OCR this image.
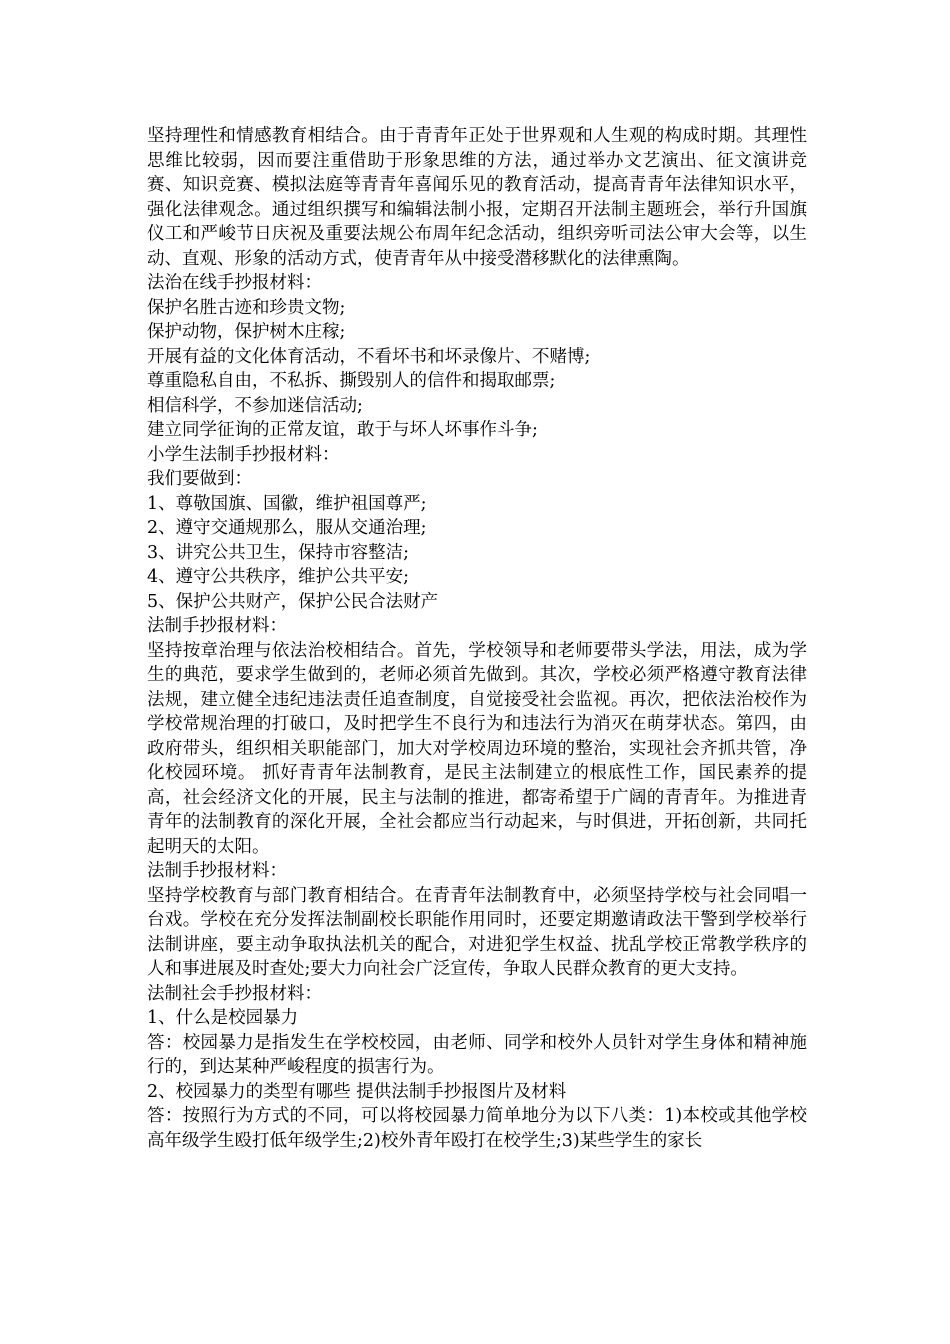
坚持理性和情感教育相结合。由于青青年正处于世界观和人生观的构成时期。其理性思维比较弱，因而要注重借助于形象思维的方法，通过举办文艺演出、征文演讲竞赛、知识竞赛、模拟法庭等青青年喜闻乐见的教育活动，提高青青年法律知识水平，强化法律观念。通过组织撰写和编辑法制小报，定期召开法制主题班会，举行升国旗仪工和严峻节日庆祝及重要法规公布周年纪念活动，组织旁听司法公审大会等，以生动、直观、形象的活动方式，使青青年从中接受潜移默化的法律熏陶。

法治在线手抄报材料：

保护名胜古迹和珍贵文物;

保护动物，保护树木庄稼;

开展有益的文化体育活动，不看坏书和坏录像片、不赌博;

尊重隐私自由，不私拆、撕毁别人的信件和揭取邮票;

相信科学，不参加迷信活动;

建立同学征询的正常友谊，敢于与坏人坏事作斗争;

小学生法制手抄报材料：

我们要做到：

1、尊敬国旗、国徽，维护祖国尊严;

2、遵守交通规那么，服从交通治理;

3、讲究公共卫生，保持市容整洁;

4、遵守公共秩序，维护公共平安;

5、保护公共财产，保护公民合法财产

法制手抄报材料：

坚持按章治理与依法治校相结合。首先，学校领导和老师要带头学法，用法，成为学生的典范，要求学生做到的，老师必须首先做到。其次，学校必须严格遵守教育法律法规，建立健全违纪违法责任追查制度，自觉接受社会监视。再次，把依法治校作为学校常规治理的打破口，及时把学生不良行为和违法行为消灭在萌芽状态。第四，由政府带头，组织相关职能部门，加大对学校周边环境的整治，实现社会齐抓共管，净化校园环境。 抓好青青年法制教育，是民主法制建立的根底性工作，国民素养的提高，社会经济文化的开展，民主与法制的推进，都寄希望于广阔的青青年。为推进青青年的法制教育的深化开展，全社会都应当行动起来，与时俱进，开拓创新，共同托起明天的太阳。

法制手抄报材料：

坚持学校教育与部门教育相结合。在青青年法制教育中，必须坚持学校与社会同唱一台戏。学校在充分发挥法制副校长职能作用同时，还要定期邀请政法干警到学校举行法制讲座，要主动争取执法机关的配合，对进犯学生权益、扰乱学校正常教学秩序的人和事进展及时查处;要大力向社会广泛宣传，争取人民群众教育的更大支持。

法制社会手抄报材料：

1、什么是校园暴力

答：校园暴力是指发生在学校校园，由老师、同学和校外人员针对学生身体和精神施行的，到达某种严峻程度的损害行为。

2、校园暴力的类型有哪些 提供法制手抄报图片及材料

答：按照行为方式的不同，可以将校园暴力简单地分为以下八类：1)本校或其他学校高年级学生殴打低年级学生;2)校外青年殴打在校学生;3)某些学生的家长
